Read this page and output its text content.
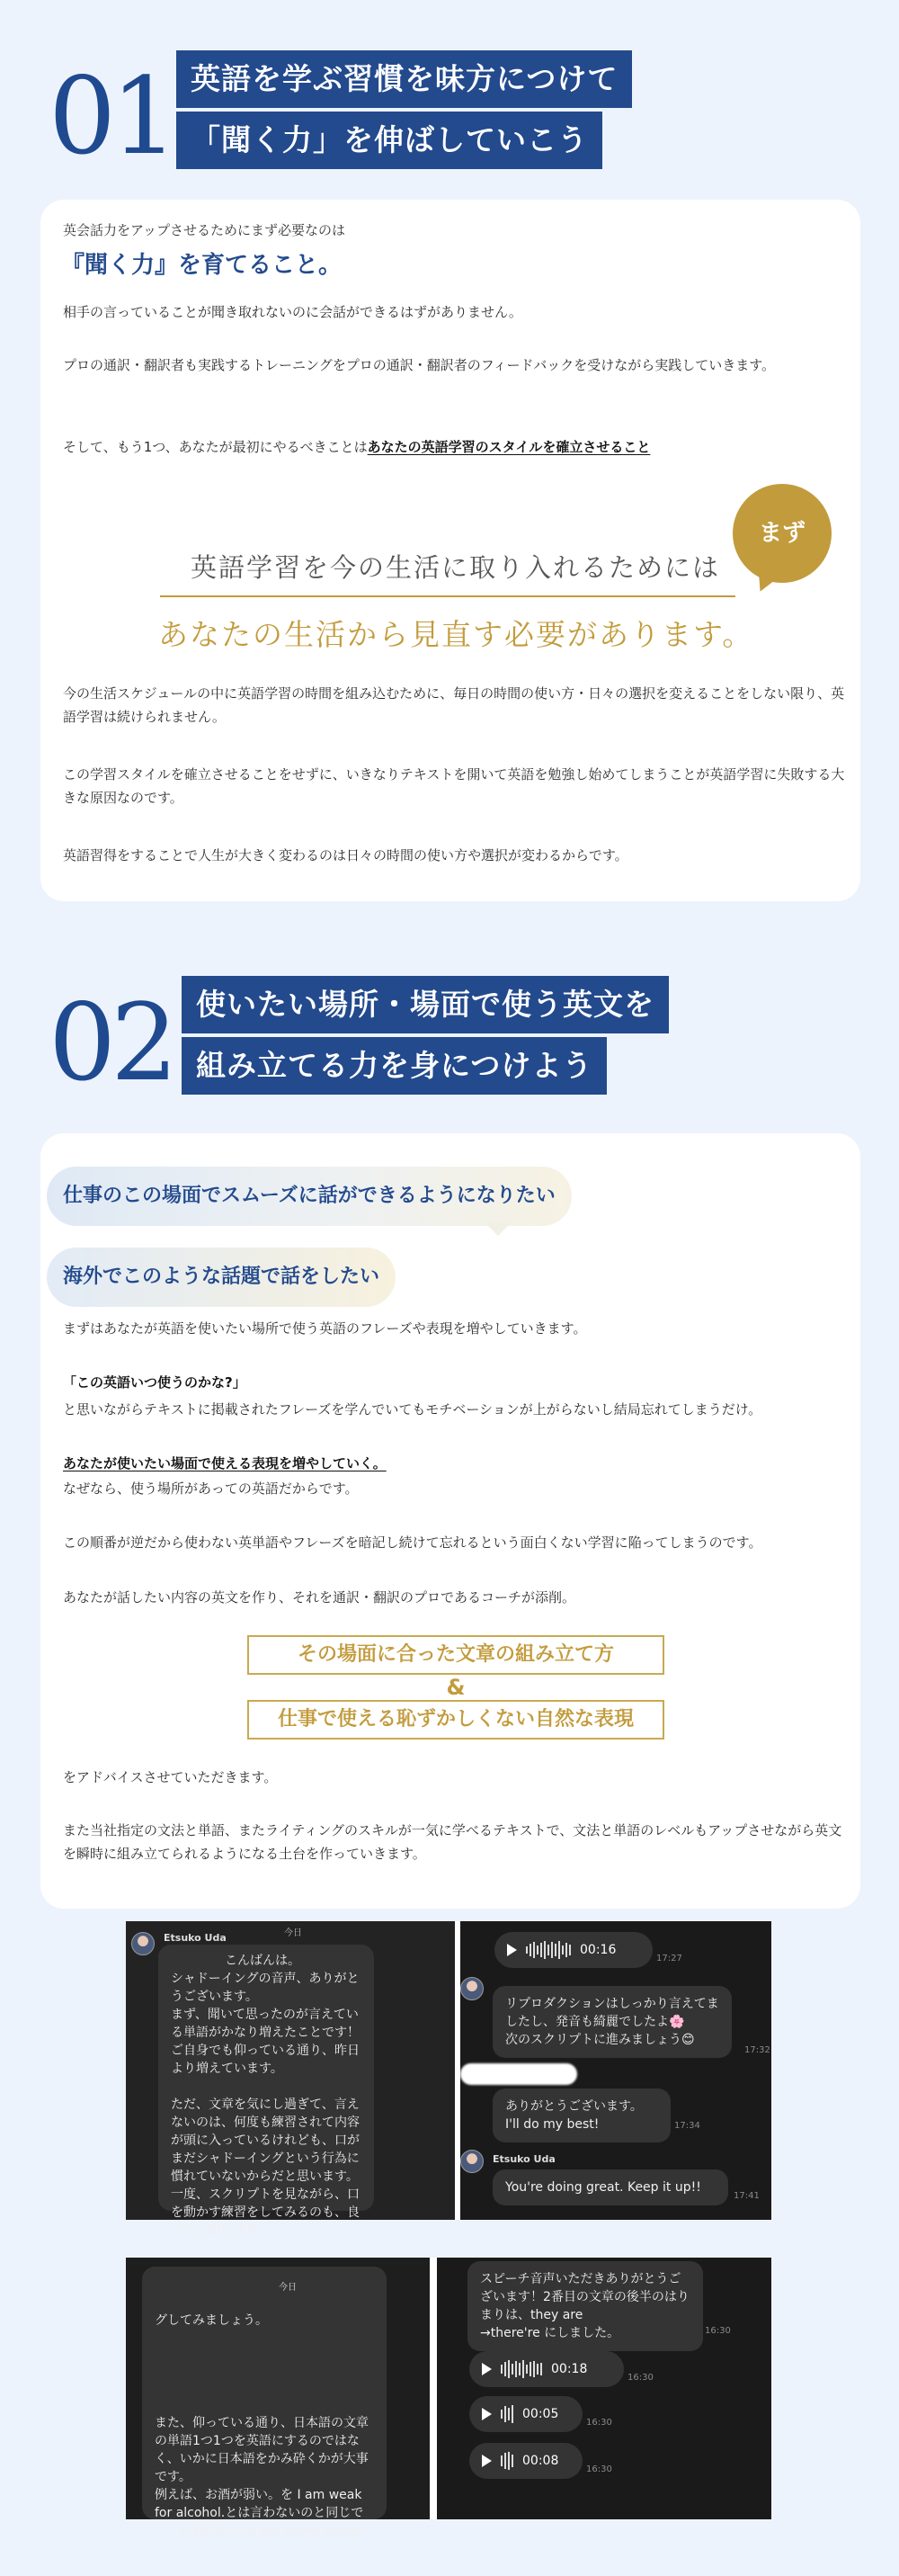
01 英語を学ぶ習慣を味方につけて
「聞く力」を伸ばしていこう
英会話力をアップさせるためにまず必要なのは
『聞く力』を育てること。
相手の言っていることが聞き取れないのに会話ができるはずがありません。
プロの通訳・翻訳者も実践するトレーニングをプロの通訳・翻訳者のフィードバックを受けながら実践していきます。
そして、もう1つ、あなたが最初にやるべきことはあなたの英語学習のスタイルを確立させること
まず
英語学習を今の生活に取り入れるためには
あなたの生活から見直す必要があります。
今の生活スケジュールの中に英語学習の時間を組み込むために、毎日の時間の使い方・日々の選択を変えることをしない限り、英語学習は続けられません。
この学習スタイルを確立させることをせずに、いきなりテキストを開いて英語を勉強し始めてしまうことが英語学習に失敗する大きな原因なのです。
英語習得をすることで人生が大きく変わるのは日々の時間の使い方や選択が変わるからです。
02 使いたい場所・場面で使う英文を
組み立てる力を身につけよう
仕事のこの場面でスムーズに話ができるようになりたい
海外でこのような話題で話をしたい
まずはあなたが英語を使いたい場所で使う英語のフレーズや表現を増やしていきます。
「この英語いつ使うのかな?」
と思いながらテキストに掲載されたフレーズを学んでいてもモチベーションが上がらないし結局忘れてしまうだけ。
あなたが使いたい場面で使える表現を増やしていく。
なぜなら、使う場所があっての英語だからです。
この順番が逆だから使わない英単語やフレーズを暗記し続けて忘れるという面白くない学習に陥ってしまうのです。
あなたが話したい内容の英文を作り、それを通訳・翻訳のプロであるコーチが添削。
その場面に合った文章の組み立て方
&
仕事で使える恥ずかしくない自然な表現
をアドバイスさせていただきます。
また当社指定の文法と単語、またライティングのスキルが一気に学べるテキストで、文法と単語のレベルもアップさせながら英文を瞬時に組み立てられるようになる土台を作っていきます。
今日
Etsuko Uda
こんばんは。
シャドーイングの音声、ありがとうございます。
まず、聞いて思ったのが言えている単語がかなり増えたことです！ご自身でも仰っている通り、昨日より増えています。

ただ、文章を気にし過ぎて、言えないのは、何度も練習されて内容が頭に入っているけれども、口がまだシャドーイングという行為に慣れていないからだと思います。
一度、スクリプトを見ながら、口を動かす練習をしてみるのも、良いかと思います。
00:16
17:27
リプロダクションはしっかり言えてましたし、発音も綺麗でしたよ🌸
次のスクリプトに進みましょう😊
17:32
ありがとうございます。
I'll do my best!	17:34
Etsuko Uda
You're doing great. Keep it up!!
17:41

グしてみましょう。

また、仰っている通り、日本語の文章の単語1つ1つを英語にするのではなく、いかに日本語をかみ砕くかが大事です。
例えば、お酒が弱い。を I am weak for alcohol.とは言わないのと同じです。お酒が弱い→I get drunk easily.

今日
スピーチ音声いただきありがとうございます！2番目の文章の後半のはりまりは、they are
→there're にしました。	16:30
00:18
16:30
00:05
16:30
00:08
16:30
